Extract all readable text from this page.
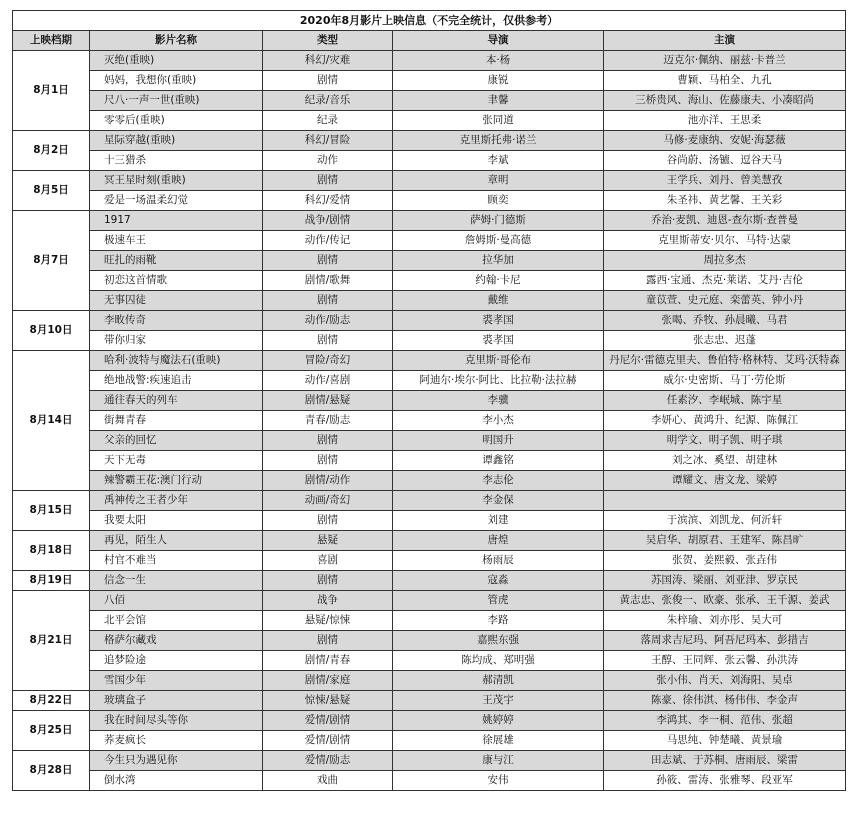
2020年8月影片上映信息（不完全统计，仅供参考）				
上映档期	影片名称	类型	导演	主演
8月1日	灭绝(重映)	科幻/灾难	本·杨	迈克尔·佩纳、丽兹·卡普兰
	妈妈，我想你(重映)	剧情	康锐	曹颖、马柏全、九孔
	尺八·一声一世(重映)	纪录/音乐	聿馨	三桥贵风、海山、佐藤康夫、小凑昭尚
	零零后(重映)	纪录	张同道	池亦洋、王思柔
8月2日	星际穿越(重映)	科幻/冒险	克里斯托弗·诺兰	马修·麦康纳、安妮·海瑟薇
	十三猎杀	动作	李斌	谷尚蔚、汤镳、逗谷天马
8月5日	冥王星时刻(重映)	剧情	章明	王学兵、刘丹、曾美慧孜
	爱是一场温柔幻觉	科幻/爱情	顾奕	朱圣祎、黄艺馨、王关彩
8月7日	1917	战争/剧情	萨姆·门德斯	乔治·麦凯、迪恩-查尔斯·查普曼
	极速车王	动作/传记	詹姆斯·曼高德	克里斯蒂安·贝尔、马特·达蒙
	旺扎的雨靴	剧情	拉华加	周拉多杰
	初恋这首情歌	剧情/歌舞	约翰·卡尼	露西·宝通、杰克·莱诺、艾丹·吉伦
	无事囚徒	剧情	戴维	童苡萱、史元庭、栾蕾英、钟小丹
8月10日	李畋传奇	动作/励志	裘孝国	张喝、乔牧、孙晨曦、马君
	带你归家	剧情	裘孝国	张志忠、迟蓬
8月14日	哈利·波特与魔法石(重映)	冒险/奇幻	克里斯·哥伦布	丹尼尔·雷德克里夫、鲁伯特·格林特、艾玛·沃特森
	绝地战警:疾速追击	动作/喜剧	阿迪尔·埃尔·阿比、比拉勒·法拉赫	威尔·史密斯、马丁·劳伦斯
	通往春天的列车	剧情/悬疑	李骥	任素汐、李岷城、陈宇星
	街舞青春	青春/励志	李小杰	李妍心、黄鸿升、纪源、陈佩江
	父亲的回忆	剧情	明国升	明学文、明子凯、明子琪
	天下无毒	剧情	谭鑫铭	刘之冰、奚望、胡建林
	辣警霸王花:澳门行动	剧情/动作	李志伦	谭耀文、唐文龙、梁婷
8月15日	禹神传之王者少年	动画/奇幻	李金保	
	我要太阳	剧情	刘建	于滨滨、刘凯龙、何沂轩
8月18日	再见，陌生人	悬疑	唐煌	吴启华、胡原君、王建军、陈昌旷
	村官不难当	喜剧	杨雨辰	张贺、姜熙毅、张垚伟
8月19日	信念一生	剧情	寇淼	苏国涛、梁丽、刘亚津、罗京民
8月21日	八佰	战争	管虎	黄志忠、张俊一、欧豪、张承、王千源、姜武
	北平会馆	悬疑/惊悚	李路	朱梓瑜、刘亦彤、吴大可
	格萨尔藏戏	剧情	嘉熙东强	落周求吉尼玛、阿吾尼玛本、彭措吉
	追梦险途	剧情/青春	陈均成、郑明强	王醇、王同辉、张云馨、孙洪涛
	雪国少年	剧情/家庭	郝清凯	张小伟、肖天、刘海阳、吴卓
8月22日	玻璃盒子	惊悚/悬疑	王茂宇	陈豪、徐伟淇、杨伟伟、李金声
8月25日	我在时间尽头等你	爱情/剧情	姚婷婷	李鸿其、李一桐、范伟、张超
	荞麦疯长	爱情/剧情	徐展雄	马思纯、钟楚曦、黄景瑜
8月28日	今生只为遇见你	爱情/励志	康与江	田志斌、于苏桐、唐雨辰、梁雷
	倒水湾	戏曲	安伟	孙筱、雷涛、张雅琴、段亚军
